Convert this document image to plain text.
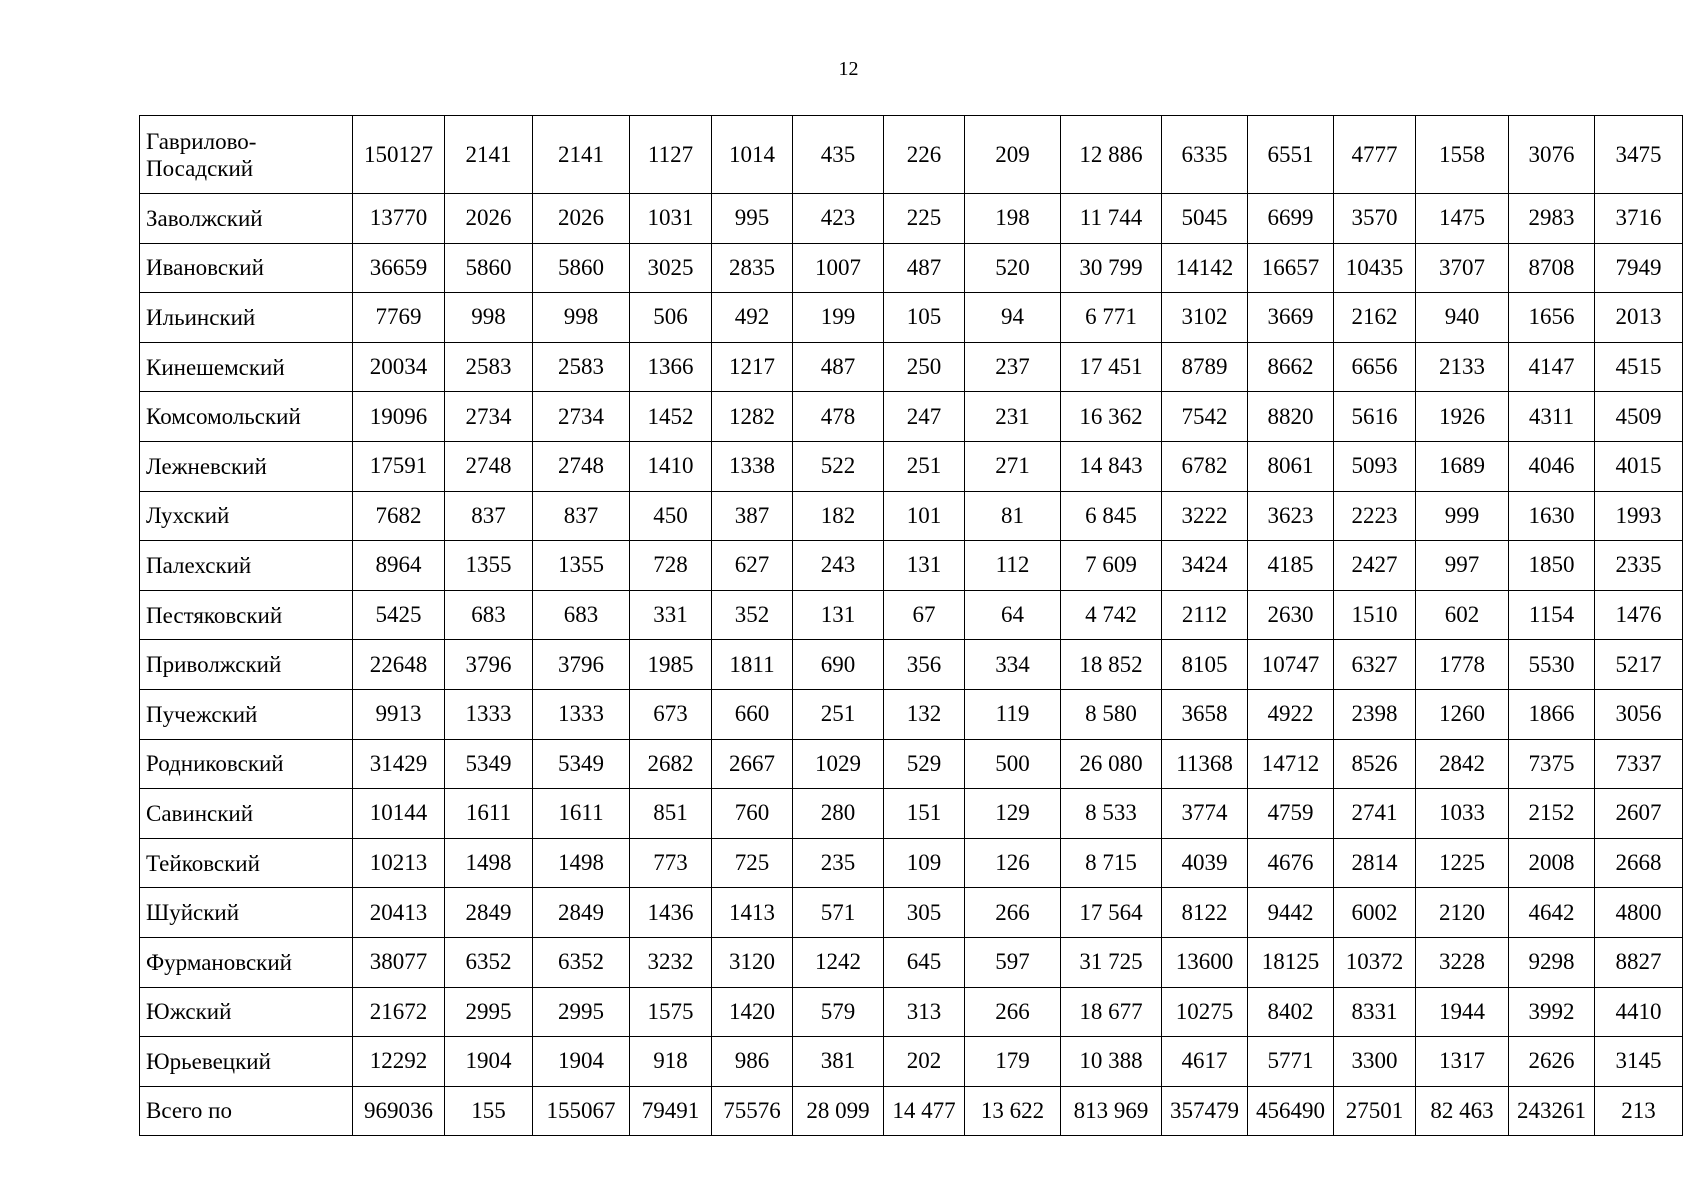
12
Гаврилово-Посадский	150127	2141	2141	1127	1014	435	226	209	12 886	6335	6551	4777	1558	3076	3475
Заволжский	13770	2026	2026	1031	995	423	225	198	11 744	5045	6699	3570	1475	2983	3716
Ивановский	36659	5860	5860	3025	2835	1007	487	520	30 799	14142	16657	10435	3707	8708	7949
Ильинский	7769	998	998	506	492	199	105	94	6 771	3102	3669	2162	940	1656	2013
Кинешемский	20034	2583	2583	1366	1217	487	250	237	17 451	8789	8662	6656	2133	4147	4515
Комсомольский	19096	2734	2734	1452	1282	478	247	231	16 362	7542	8820	5616	1926	4311	4509
Лежневский	17591	2748	2748	1410	1338	522	251	271	14 843	6782	8061	5093	1689	4046	4015
Лухский	7682	837	837	450	387	182	101	81	6 845	3222	3623	2223	999	1630	1993
Палехский	8964	1355	1355	728	627	243	131	112	7 609	3424	4185	2427	997	1850	2335
Пестяковский	5425	683	683	331	352	131	67	64	4 742	2112	2630	1510	602	1154	1476
Приволжский	22648	3796	3796	1985	1811	690	356	334	18 852	8105	10747	6327	1778	5530	5217
Пучежский	9913	1333	1333	673	660	251	132	119	8 580	3658	4922	2398	1260	1866	3056
Родниковский	31429	5349	5349	2682	2667	1029	529	500	26 080	11368	14712	8526	2842	7375	7337
Савинский	10144	1611	1611	851	760	280	151	129	8 533	3774	4759	2741	1033	2152	2607
Тейковский	10213	1498	1498	773	725	235	109	126	8 715	4039	4676	2814	1225	2008	2668
Шуйский	20413	2849	2849	1436	1413	571	305	266	17 564	8122	9442	6002	2120	4642	4800
Фурмановский	38077	6352	6352	3232	3120	1242	645	597	31 725	13600	18125	10372	3228	9298	8827
Южский	21672	2995	2995	1575	1420	579	313	266	18 677	10275	8402	8331	1944	3992	4410
Юрьевецкий	12292	1904	1904	918	986	381	202	179	10 388	4617	5771	3300	1317	2626	3145
Всего по	969036	155	155067	79491	75576	28 099	14 477	13 622	813 969	357479	456490	27501	82 463	243261	213
